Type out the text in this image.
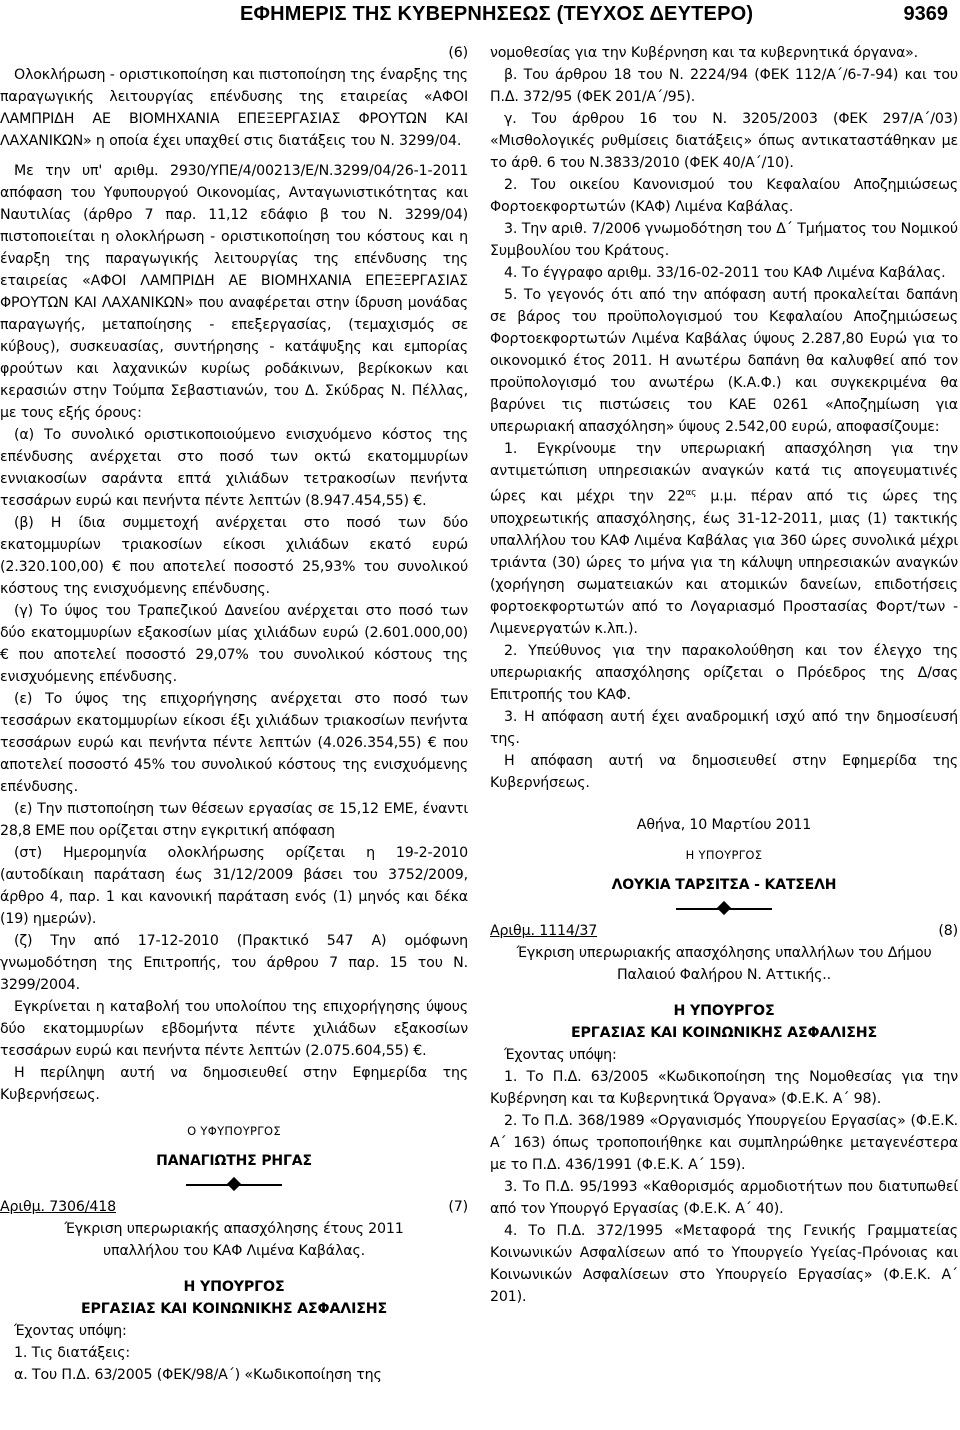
ΕΦΗΜΕΡΙΣ ΤΗΣ ΚΥΒΕΡΝΗΣΕΩΣ (ΤΕΥΧΟΣ ΔΕΥΤΕΡΟ)	9369

(6)

Ολοκλήρωση - οριστικοποίηση και πιστοποίηση της έναρξης της παραγωγικής λειτουργίας επένδυσης της εταιρείας «ΑΦΟΙ ΛΑΜΠΡΙΔΗ ΑΕ ΒΙΟΜΗΧΑΝΙΑ ΕΠΕΞΕΡΓΑΣΙΑΣ ΦΡΟΥΤΩΝ ΚΑΙ ΛΑΧΑΝΙΚΩΝ» η οποία έχει υπαχθεί στις διατάξεις του Ν. 3299/04.

Με την υπ' αριθμ. 2930/ΥΠΕ/4/00213/Ε/Ν.3299/04/26-1-2011 απόφαση του Υφυπουργού Οικονομίας, Ανταγωνιστικότητας και Ναυτιλίας (άρθρο 7 παρ. 11,12 εδάφιο β του Ν. 3299/04) πιστοποιείται η ολοκλήρωση - οριστικοποίηση του κόστους και η έναρξη της παραγωγικής λειτουργίας της επένδυσης της εταιρείας «ΑΦΟΙ ΛΑΜΠΡΙΔΗ ΑΕ ΒΙΟΜΗΧΑΝΙΑ ΕΠΕΞΕΡΓΑΣΙΑΣ ΦΡΟΥΤΩΝ ΚΑΙ ΛΑΧΑΝΙΚΩΝ» που αναφέρεται στην ίδρυση μονάδας παραγωγής, μεταποίησης - επεξεργασίας, (τεμαχισμός σε κύβους), συσκευασίας, συντήρησης - κατάψυξης και εμπορίας φρούτων και λαχανικών κυρίως ροδάκινων, βερίκοκων και κερασιών στην Τούμπα Σεβαστιανών, του Δ. Σκύδρας Ν. Πέλλας, με τους εξής όρους:

(α) Το συνολικό οριστικοποιούμενο ενισχυόμενο κόστος της επένδυσης ανέρχεται στο ποσό των οκτώ εκατομμυρίων εννιακοσίων σαράντα επτά χιλιάδων τετρακοσίων πενήντα τεσσάρων ευρώ και πενήντα πέντε λεπτών (8.947.454,55) €.

(β) Η ίδια συμμετοχή ανέρχεται στο ποσό των δύο εκατομμυρίων τριακοσίων είκοσι χιλιάδων εκατό ευρώ (2.320.100,00) € που αποτελεί ποσοστό 25,93% του συνολικού κόστους της ενισχυόμενης επένδυσης.

(γ) Το ύψος του Τραπεζικού Δανείου ανέρχεται στο ποσό των δύο εκατομμυρίων εξακοσίων μίας χιλιάδων ευρώ (2.601.000,00) € που αποτελεί ποσοστό 29,07% του συνολικού κόστους της ενισχυόμενης επένδυσης.

(ε) Το ύψος της επιχορήγησης ανέρχεται στο ποσό των τεσσάρων εκατομμυρίων είκοσι έξι χιλιάδων τριακοσίων πενήντα τεσσάρων ευρώ και πενήντα πέντε λεπτών (4.026.354,55) € που αποτελεί ποσοστό 45% του συνολικού κόστους της ενισχυόμενης επένδυσης.

(ε) Την πιστοποίηση των θέσεων εργασίας σε 15,12 ΕΜΕ, έναντι 28,8 ΕΜΕ που ορίζεται στην εγκριτική απόφαση

(στ) Ημερομηνία ολοκλήρωσης ορίζεται η 19-2-2010 (αυτοδίκαιη παράταση έως 31/12/2009 βάσει του 3752/2009, άρθρο 4, παρ. 1 και κανονική παράταση ενός (1) μηνός και δέκα (19) ημερών).

(ζ) Την από 17-12-2010 (Πρακτικό 547 Α) ομόφωνη γνωμοδότηση της Επιτροπής, του άρθρου 7 παρ. 15 του Ν. 3299/2004.

Εγκρίνεται η καταβολή του υπολοίπου της επιχορήγησης ύψους δύο εκατομμυρίων εβδομήντα πέντε χιλιάδων εξακοσίων τεσσάρων ευρώ και πενήντα πέντε λεπτών (2.075.604,55) €.

Η περίληψη αυτή να δημοσιευθεί στην Εφημερίδα της Κυβερνήσεως.

Ο ΥΦΥΠΟΥΡΓΟΣ

ΠΑΝΑΓΙΩΤΗΣ ΡΗΓΑΣ

Αριθμ. 7306/418	(7)

Έγκριση υπερωριακής απασχόλησης έτους 2011 υπαλλήλου του ΚΑΦ Λιμένα Καβάλας.

Η ΥΠΟΥΡΓΟΣ

ΕΡΓΑΣΙΑΣ ΚΑΙ ΚΟΙΝΩΝΙΚΗΣ ΑΣΦΑΛΙΣΗΣ

Έχοντας υπόψη:

1. Τις διατάξεις:

α. Του Π.Δ. 63/2005 (ΦΕΚ/98/Α΄) «Κωδικοποίηση της

νομοθεσίας για την Κυβέρνηση και τα κυβερνητικά όργανα».

β. Του άρθρου 18 του Ν. 2224/94 (ΦΕΚ 112/Α΄/6-7-94) και του Π.Δ. 372/95 (ΦΕΚ 201/Α΄/95).

γ. Του άρθρου 16 του Ν. 3205/2003 (ΦΕΚ 297/Α΄/03) «Μισθολογικές ρυθμίσεις διατάξεις» όπως αντικαταστάθηκαν με το άρθ. 6 του Ν.3833/2010 (ΦΕΚ 40/Α΄/10).

2. Του οικείου Κανονισμού του Κεφαλαίου Αποζημιώσεως Φορτοεκφορτωτών (ΚΑΦ) Λιμένα Καβάλας.

3. Την αριθ. 7/2006 γνωμοδότηση του Δ΄ Τμήματος του Νομικού Συμβουλίου του Κράτους.

4. Το έγγραφο αριθμ. 33/16-02-2011 του ΚΑΦ Λιμένα Καβάλας.

5. Το γεγονός ότι από την απόφαση αυτή προκαλείται δαπάνη σε βάρος του προϋπολογισμού του Κεφαλαίου Αποζημιώσεως Φορτοεκφορτωτών Λιμένα Καβάλας ύψους 2.287,80 Ευρώ για το οικονομικό έτος 2011. Η ανωτέρω δαπάνη θα καλυφθεί από τον προϋπολογισμό του ανωτέρω (Κ.Α.Φ.) και συγκεκριμένα θα βαρύνει τις πιστώσεις του ΚΑΕ 0261 «Αποζημίωση για υπερωριακή απασχόληση» ύψους 2.542,00 ευρώ, αποφασίζουμε:

1. Εγκρίνουμε την υπερωριακή απασχόληση για την αντιμετώπιση υπηρεσιακών αναγκών κατά τις απογευματινές ώρες και μέχρι την $22^{\alpha\varsigma}$ μ.μ. πέραν από τις ώρες της υποχρεωτικής απασχόλησης, έως 31-12-2011, μιας (1) τακτικής υπαλλήλου του ΚΑΦ Λιμένα Καβάλας για 360 ώρες συνολικά μέχρι τριάντα (30) ώρες το μήνα για τη κάλυψη υπηρεσιακών αναγκών (χορήγηση σωματειακών και ατομικών δανείων, επιδοτήσεις φορτοεκφορτωτών από το Λογαριασμό Προστασίας Φορτ/των - Λιμενεργατών κ.λπ.).

2. Υπεύθυνος για την παρακολούθηση και τον έλεγχο της υπερωριακής απασχόλησης ορίζεται ο Πρόεδρος της Δ/σας Επιτροπής του ΚΑΦ.

3. Η απόφαση αυτή έχει αναδρομική ισχύ από την δημοσίευσή της.

Η απόφαση αυτή να δημοσιευθεί στην Εφημερίδα της Κυβερνήσεως.

Αθήνα, 10 Μαρτίου 2011

Η ΥΠΟΥΡΓΟΣ

ΛΟΥΚΙΑ ΤΑΡΣΙΤΣΑ - ΚΑΤΣΕΛΗ

Αριθμ. 1114/37	(8)

Έγκριση υπερωριακής απασχόλησης υπαλλήλων του Δήμου Παλαιού Φαλήρου Ν. Αττικής..

Η ΥΠΟΥΡΓΟΣ

ΕΡΓΑΣΙΑΣ ΚΑΙ ΚΟΙΝΩΝΙΚΗΣ ΑΣΦΑΛΙΣΗΣ

Έχοντας υπόψη:

1. Το Π.Δ. 63/2005 «Κωδικοποίηση της Νομοθεσίας για την Κυβέρνηση και τα Κυβερνητικά Όργανα» (Φ.Ε.Κ. Α΄ 98).

2. Το Π.Δ. 368/1989 «Οργανισμός Υπουργείου Εργασίας» (Φ.Ε.Κ. Α΄ 163) όπως τροποποιήθηκε και συμπληρώθηκε μεταγενέστερα με το Π.Δ. 436/1991 (Φ.Ε.Κ. Α΄ 159).

3. Το Π.Δ. 95/1993 «Καθορισμός αρμοδιοτήτων που διατυπωθεί από τον Υπουργό Εργασίας (Φ.Ε.Κ. Α΄ 40).

4. Το Π.Δ. 372/1995 «Μεταφορά της Γενικής Γραμματείας Κοινωνικών Ασφαλίσεων από το Υπουργείο Υγείας-Πρόνοιας και Κοινωνικών Ασφαλίσεων στο Υπουργείο Εργασίας» (Φ.Ε.Κ. Α΄ 201).
